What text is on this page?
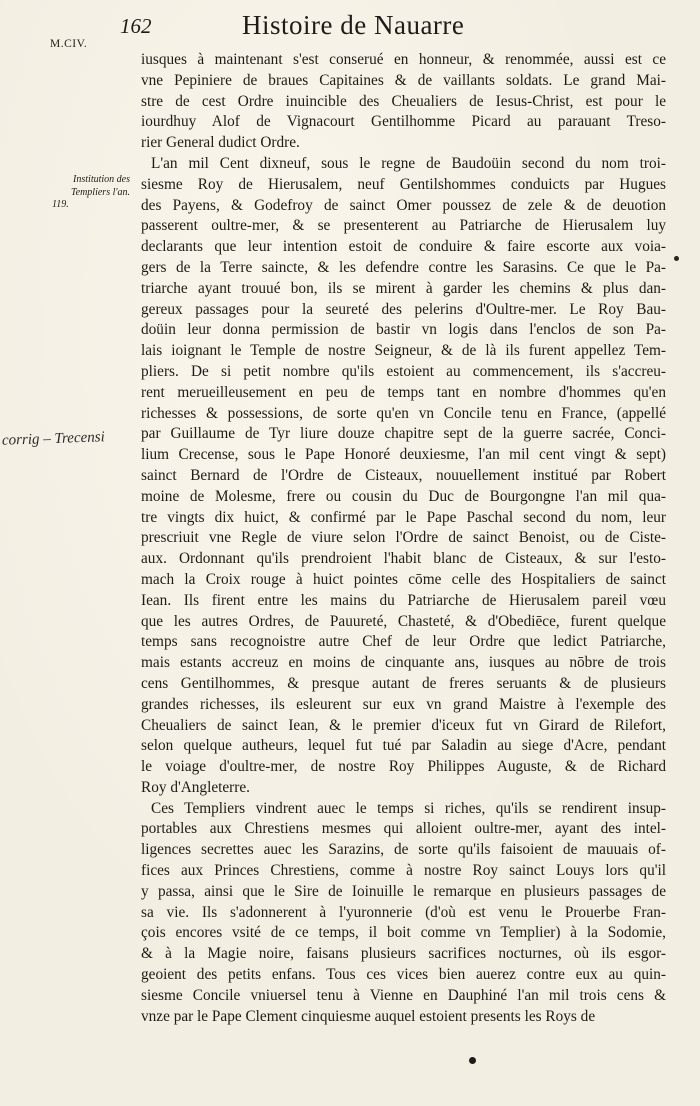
M.CIV.
162	Histoire de Nauarre
Institution des
Templiers l'an.
119.
corrig – Trecensi
iusques à maintenant s'est conserué en honneur, & renommée, aussi est ce
vne Pepiniere de braues Capitaines & de vaillants soldats. Le grand Mai-
stre de cest Ordre inuincible des Cheualiers de Iesus-Christ, est pour le
iourdhuy Alof de Vignacourt Gentilhomme Picard au parauant Treso-
rier General dudict Ordre.
L'an mil Cent dixneuf, sous le regne de Baudoüin second du nom troi-
siesme Roy de Hierusalem, neuf Gentilshommes conduicts par Hugues
des Payens, & Godefroy de sainct Omer poussez de zele & de deuotion
passerent oultre-mer, & se presenterent au Patriarche de Hierusalem luy
declarants que leur intention estoit de conduire & faire escorte aux voia-
gers de la Terre saincte, & les defendre contre les Sarasins. Ce que le Pa-
triarche ayant trouué bon, ils se mirent à garder les chemins & plus dan-
gereux passages pour la seureté des pelerins d'Oultre-mer. Le Roy Bau-
doüin leur donna permission de bastir vn logis dans l'enclos de son Pa-
lais ioignant le Temple de nostre Seigneur, & de là ils furent appellez Tem-
pliers. De si petit nombre qu'ils estoient au commencement, ils s'accreu-
rent merueilleusement en peu de temps tant en nombre d'hommes qu'en
richesses & possessions, de sorte qu'en vn Concile tenu en France, (appellé
par Guillaume de Tyr liure douze chapitre sept de la guerre sacrée, Conci-
lium Crecense, sous le Pape Honoré deuxiesme, l'an mil cent vingt & sept)
sainct Bernard de l'Ordre de Cisteaux, nouuellement institué par Robert
moine de Molesme, frere ou cousin du Duc de Bourgongne l'an mil qua-
tre vingts dix huict, & confirmé par le Pape Paschal second du nom, leur
prescriuit vne Regle de viure selon l'Ordre de sainct Benoist, ou de Ciste-
aux. Ordonnant qu'ils prendroient l'habit blanc de Cisteaux, & sur l'esto-
mach la Croix rouge à huict pointes cōme celle des Hospitaliers de sainct
Iean. Ils firent entre les mains du Patriarche de Hierusalem pareil vœu
que les autres Ordres, de Pauureté, Chasteté, & d'Obediēce, furent quelque
temps sans recognoistre autre Chef de leur Ordre que ledict Patriarche,
mais estants accreuz en moins de cinquante ans, iusques au nōbre de trois
cens Gentilhommes, & presque autant de freres seruants & de plusieurs
grandes richesses, ils esleurent sur eux vn grand Maistre à l'exemple des
Cheualiers de sainct Iean, & le premier d'iceux fut vn Girard de Rilefort,
selon quelque autheurs, lequel fut tué par Saladin au siege d'Acre, pendant
le voiage d'oultre-mer, de nostre Roy Philippes Auguste, & de Richard
Roy d'Angleterre.
Ces Templiers vindrent auec le temps si riches, qu'ils se rendirent insup-
portables aux Chrestiens mesmes qui alloient oultre-mer, ayant des intel-
ligences secrettes auec les Sarazins, de sorte qu'ils faisoient de mauuais of-
fices aux Princes Chrestiens, comme à nostre Roy sainct Louys lors qu'il
y passa, ainsi que le Sire de Ioinuille le remarque en plusieurs passages de
sa vie. Ils s'adonnerent à l'yuronnerie (d'où est venu le Prouerbe Fran-
çois encores vsité de ce temps, il boit comme vn Templier) à la Sodomie,
& à la Magie noire, faisans plusieurs sacrifices nocturnes, où ils esgor-
geoient des petits enfans. Tous ces vices bien auerez contre eux au quin-
siesme Concile vniuersel tenu à Vienne en Dauphiné l'an mil trois cens &
vnze par le Pape Clement cinquiesme auquel estoient presents les Roys de
